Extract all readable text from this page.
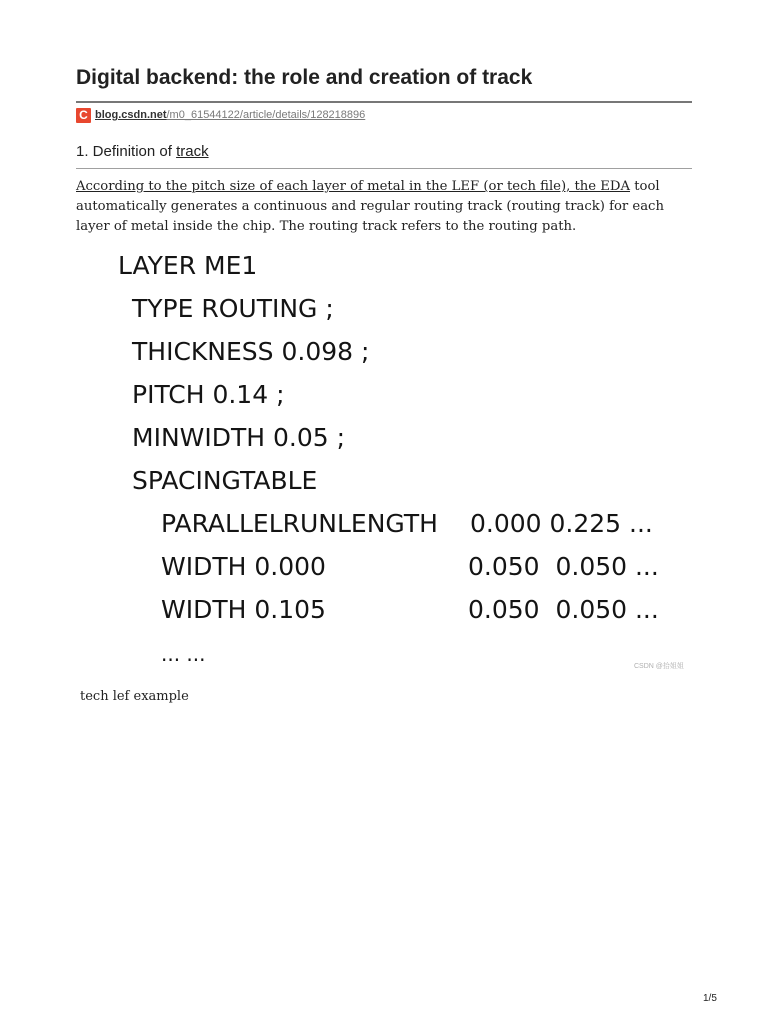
Digital backend: the role and creation of track
C blog.csdn.net /m0_61544122/article/details/128218896
1. Definition of track
According to the pitch size of each layer of metal in the LEF (or tech file), the EDA tool automatically generates a continuous and regular routing track (routing track) for each layer of metal inside the chip. The routing track refers to the routing path.
LAYER ME1
TYPE ROUTING ;
THICKNESS 0.098 ;
PITCH 0.14 ;
MINWIDTH 0.05 ;
SPACINGTABLE
PARALLELRUNLENGTH 0.000 0.225 ...
WIDTH 0.000	0.050  0.050 ...
WIDTH 0.105	0.050  0.050 ...
... ...
CSDN @拾姐姐
tech lef example
1/5
